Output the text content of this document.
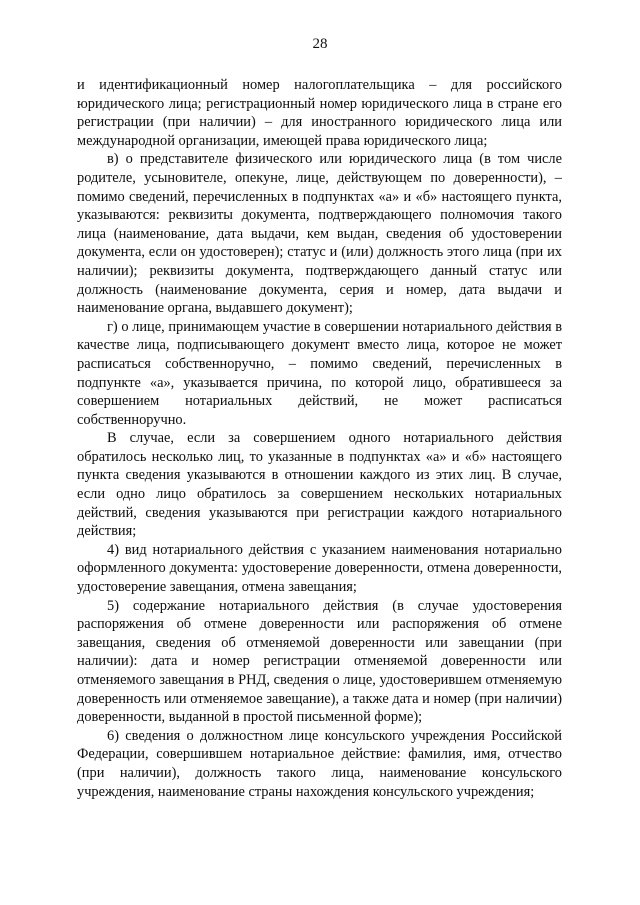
28

и идентификационный номер налогоплательщика – для российского юридического лица; регистрационный номер юридического лица в стране его регистрации (при наличии) – для иностранного юридического лица или международной организации, имеющей права юридического лица;

в) о представителе физического или юридического лица (в том числе родителе, усыновителе, опекуне, лице, действующем по доверенности), – помимо сведений, перечисленных в подпунктах «а» и «б» настоящего пункта, указываются: реквизиты документа, подтверждающего полномочия такого лица (наименование, дата выдачи, кем выдан, сведения об удостоверении документа, если он удостоверен); статус и (или) должность этого лица (при их наличии); реквизиты документа, подтверждающего данный статус или должность (наименование документа, серия и номер, дата выдачи и наименование органа, выдавшего документ);

г) о лице, принимающем участие в совершении нотариального действия в качестве лица, подписывающего документ вместо лица, которое не может расписаться собственноручно, – помимо сведений, перечисленных в подпункте «а», указывается причина, по которой лицо, обратившееся за совершением нотариальных действий, не может расписаться собственноручно.

В случае, если за совершением одного нотариального действия обратилось несколько лиц, то указанные в подпунктах «а» и «б» настоящего пункта сведения указываются в отношении каждого из этих лиц. В случае, если одно лицо обратилось за совершением нескольких нотариальных действий, сведения указываются при регистрации каждого нотариального действия;

4) вид нотариального действия с указанием наименования нотариально оформленного документа: удостоверение доверенности, отмена доверенности, удостоверение завещания, отмена завещания;

5) содержание нотариального действия (в случае удостоверения распоряжения об отмене доверенности или распоряжения об отмене завещания, сведения об отменяемой доверенности или завещании (при наличии): дата и номер регистрации отменяемой доверенности или отменяемого завещания в РНД, сведения о лице, удостоверившем отменяемую доверенность или отменяемое завещание), а также дата и номер (при наличии) доверенности, выданной в простой письменной форме);

6) сведения о должностном лице консульского учреждения Российской Федерации, совершившем нотариальное действие: фамилия, имя, отчество (при наличии), должность такого лица, наименование консульского учреждения, наименование страны нахождения консульского учреждения;
